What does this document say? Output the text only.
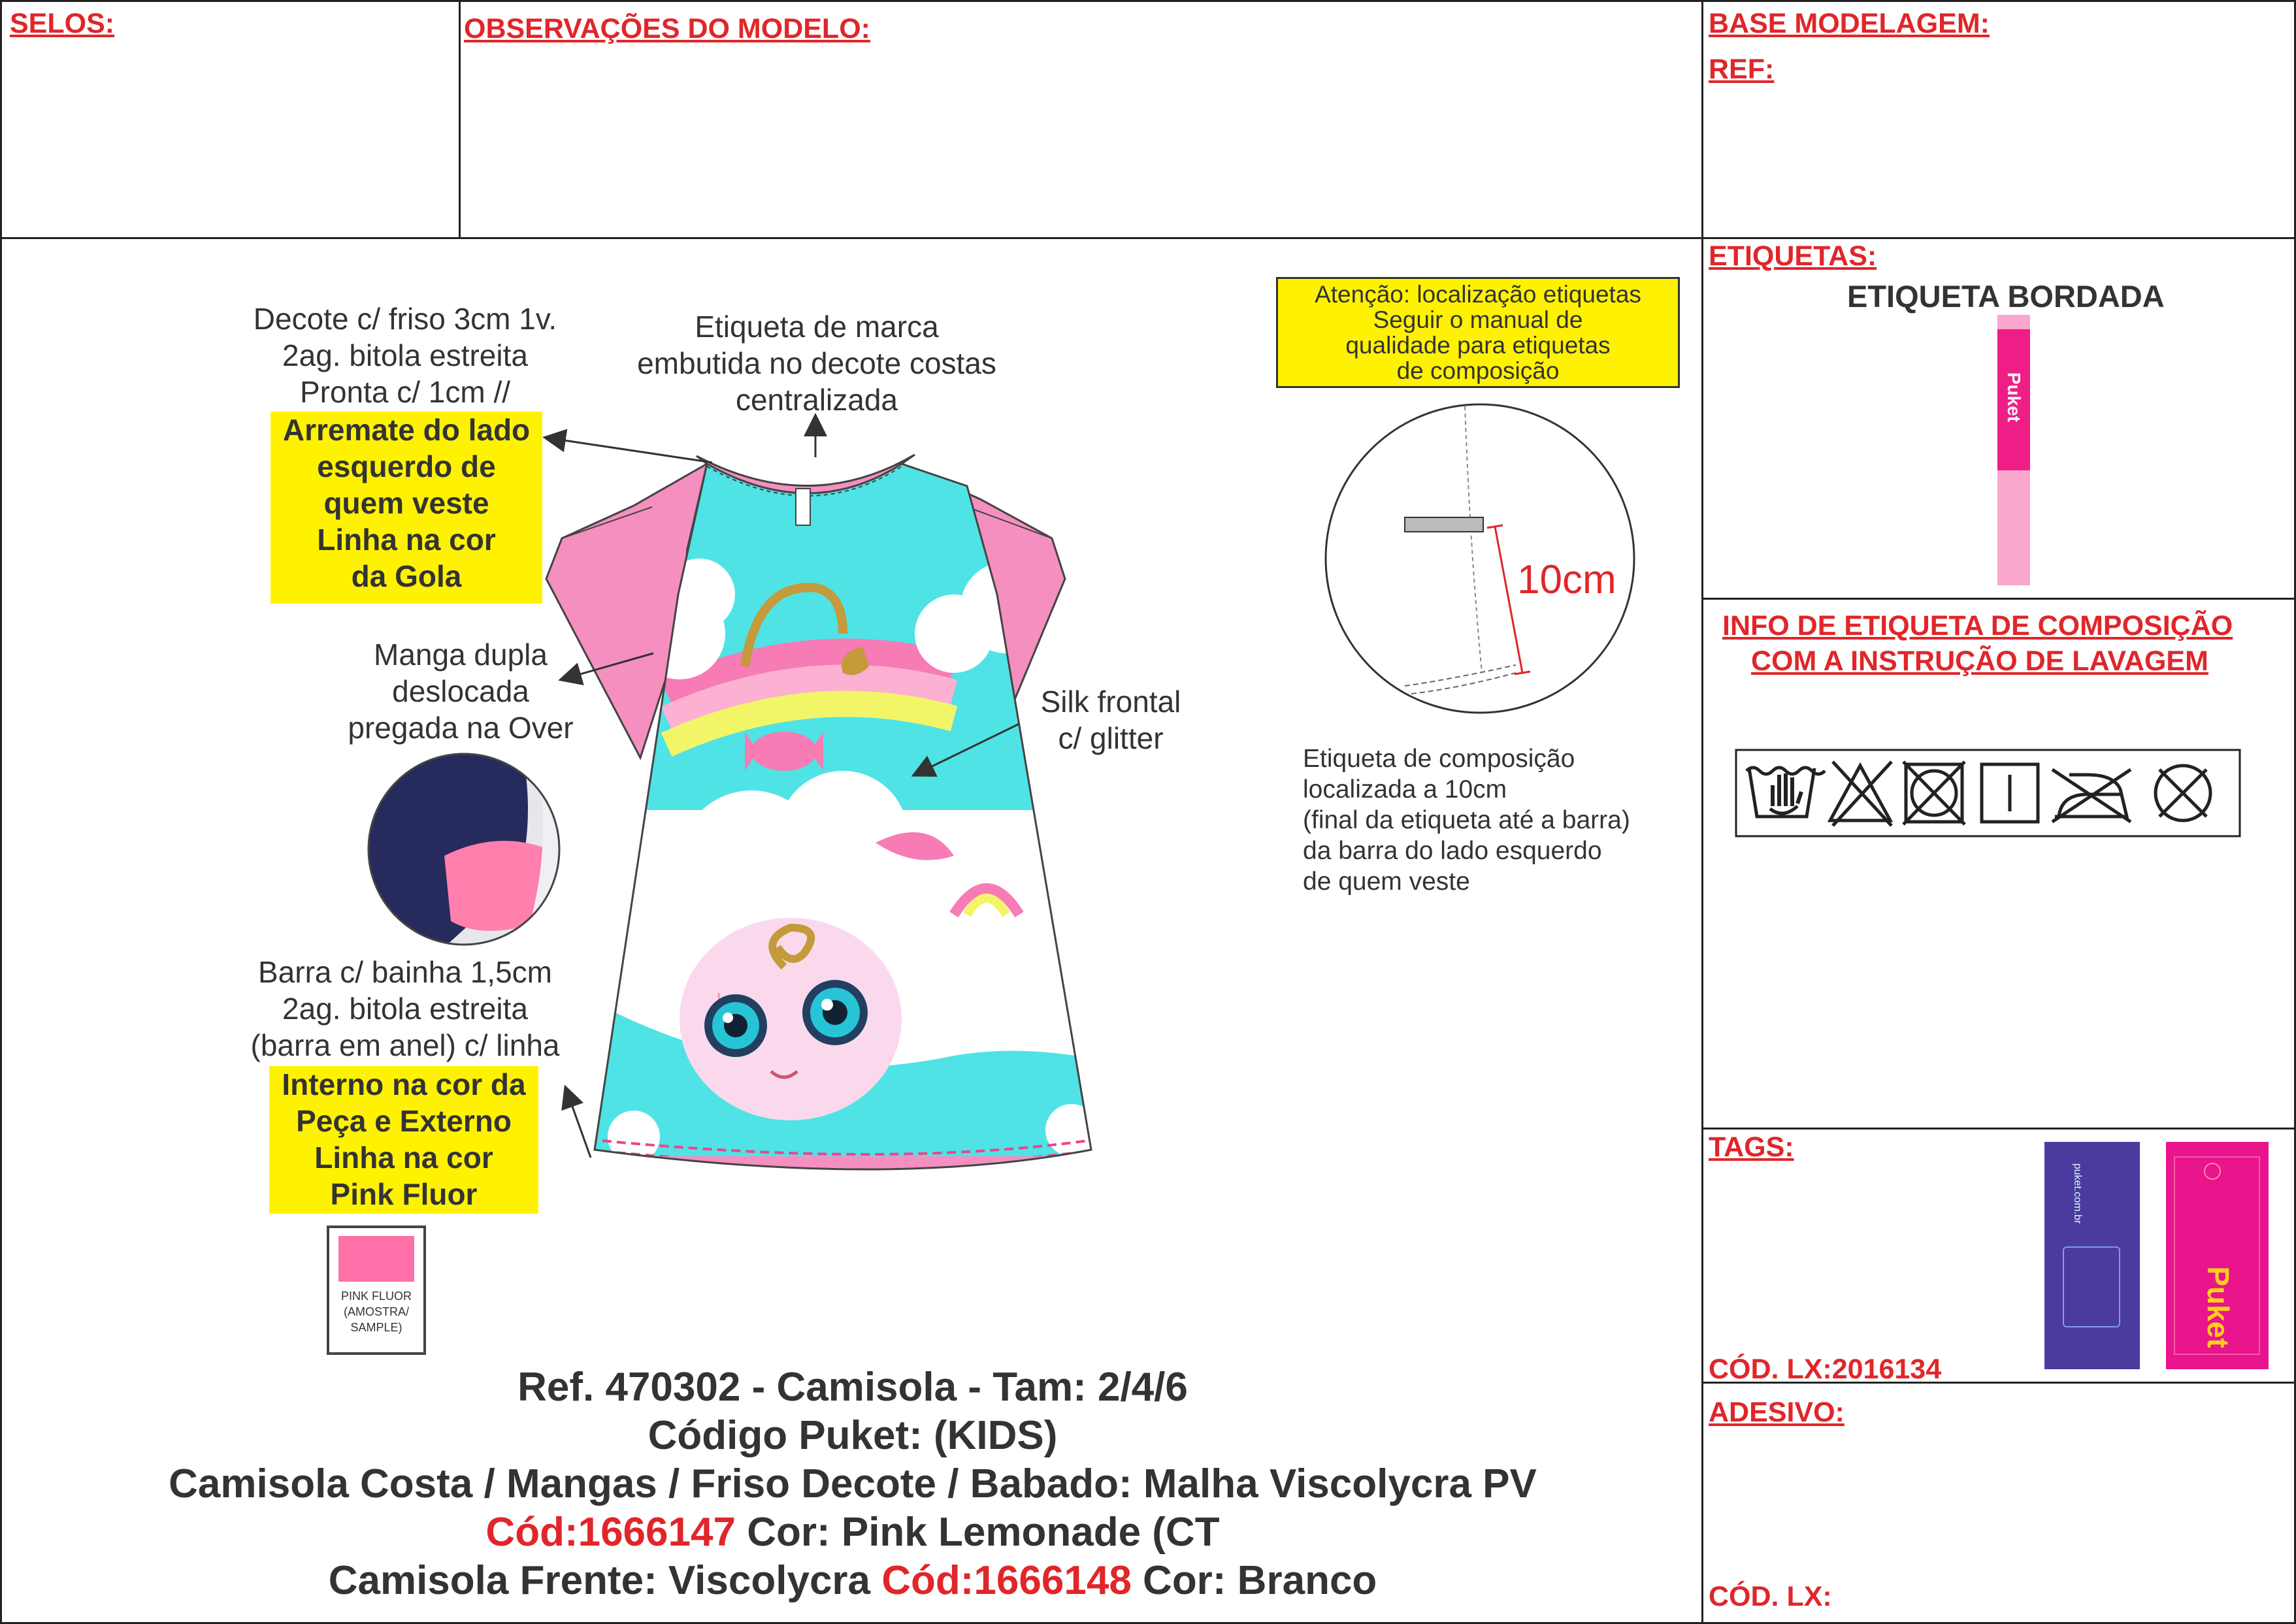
SELOS:	OBSERVAÇÕES DO MODELO:	BASE MODELAGEM:
REF:
ETIQUETAS:
ETIQUETA BORDADA
INFO DE ETIQUETA DE COMPOSIÇÃO
COM A INSTRUÇÃO DE LAVAGEM
TAGS:
CÓD. LX:2016134
ADESIVO:
CÓD. LX:
Puket
puket.com.br
Puket
Atenção: localização etiquetas
Seguir o manual de
qualidade para etiquetas
de composição
10cm
Etiqueta de composição
localizada a 10cm
(final da etiqueta até a barra)
da barra do lado esquerdo
de quem veste
Decote c/ friso 3cm 1v.
2ag. bitola estreita
Pronta c/ 1cm //
Arremate do lado
esquerdo de
quem veste
Linha na cor
da Gola
Etiqueta de marca
embutida no decote costas
centralizada
Manga dupla
deslocada
pregada na Over
Silk frontal
c/ glitter
Barra c/ bainha 1,5cm
2ag. bitola estreita
(barra em anel) c/ linha
Interno na cor da
Peça e Externo
Linha na cor
Pink Fluor
PINK FLUOR
(AMOSTRA/
SAMPLE)
Ref. 470302 - Camisola - Tam: 2/4/6
Código Puket: (KIDS)
Camisola Costa / Mangas / Friso Decote / Babado: Malha Viscolycra PV
Cód:1666147 Cor: Pink Lemonade (CT
Camisola Frente: Viscolycra Cód:1666148 Cor: Branco
